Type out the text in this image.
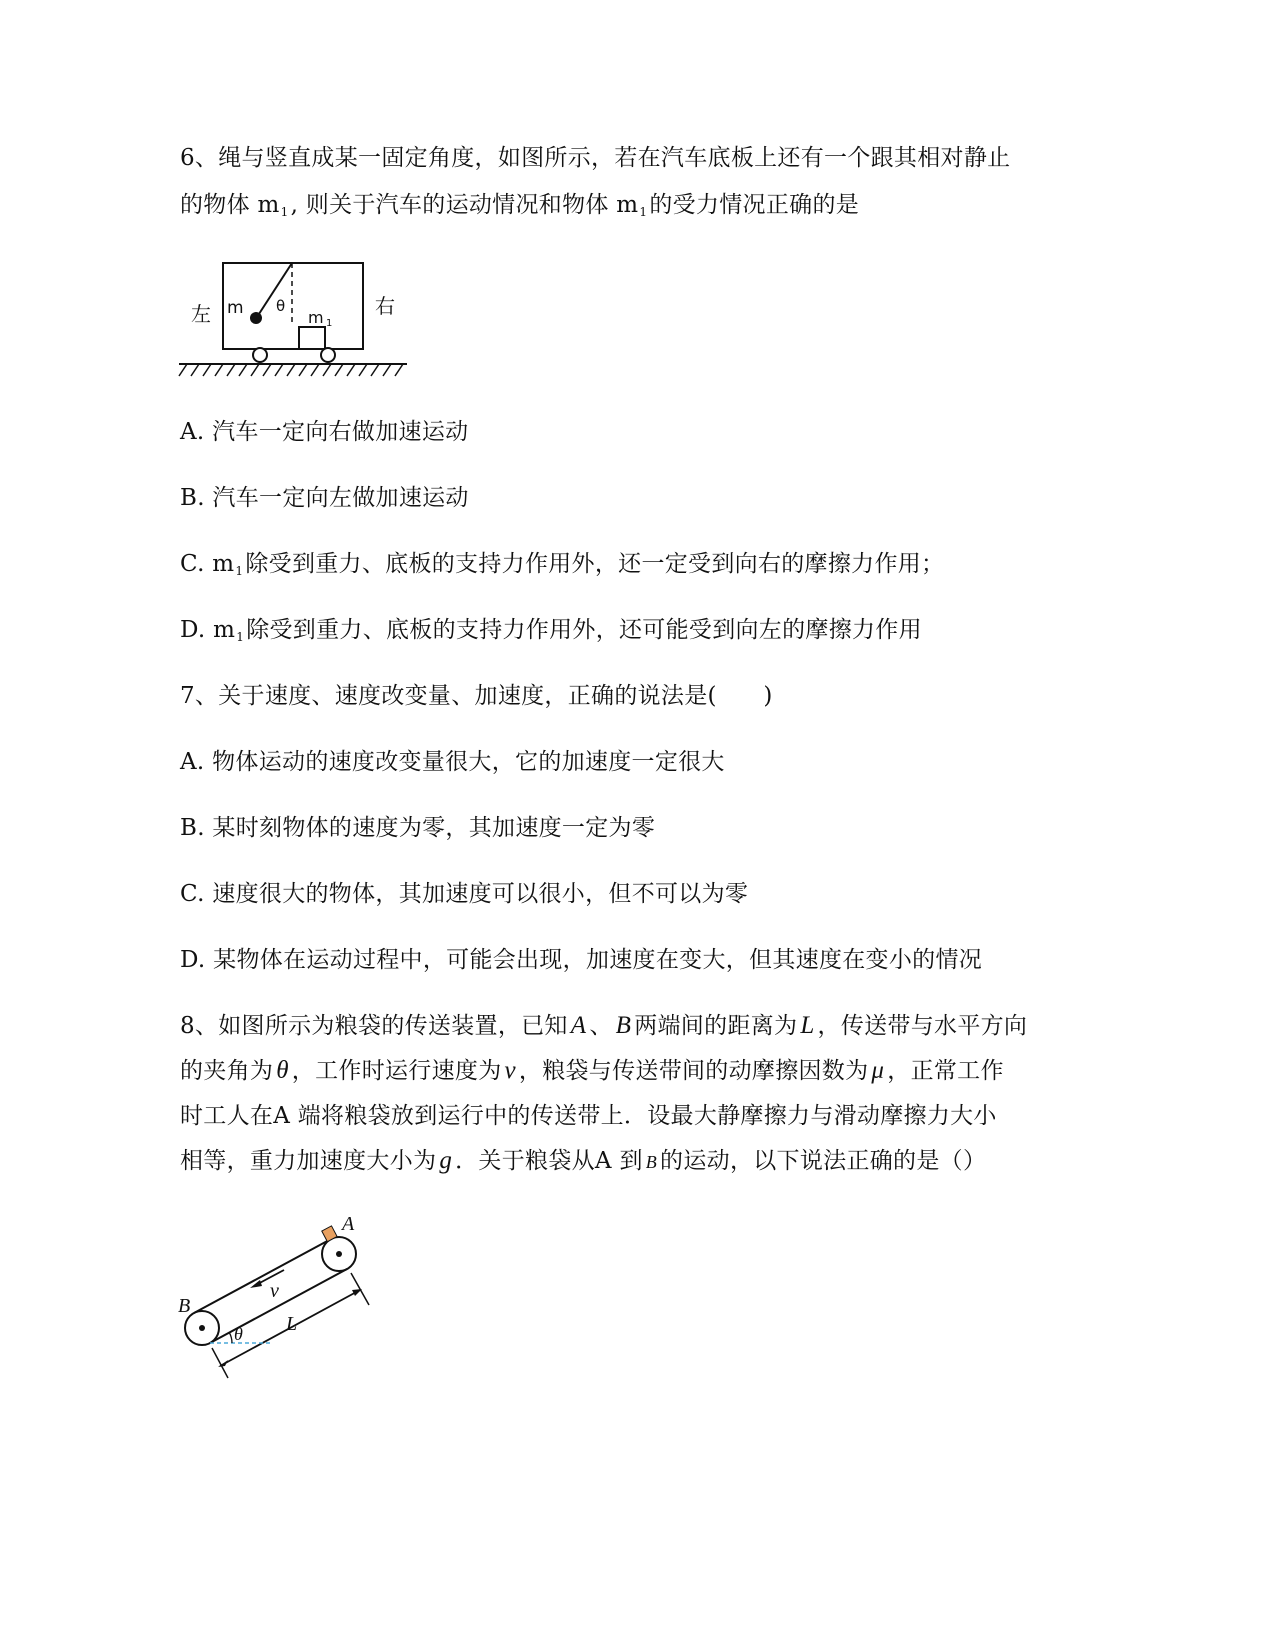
6、绳与竖直成某一固定角度，如图所示，若在汽车底板上还有一个跟其相对静止
的物体 $m_1$, 则关于汽车的运动情况和物体 $m_1$的受力情况正确的是
左	右
m θ
m 1
A. 汽车一定向右做加速运动
B. 汽车一定向左做加速运动
C. $m_1$除受到重力、底板的支持力作用外，还一定受到向右的摩擦力作用；
D. $m_1$除受到重力、底板的支持力作用外，还可能受到向左的摩擦力作用
7、关于速度、速度改变量、加速度，正确的说法是(　　)
A. 物体运动的速度改变量很大，它的加速度一定很大
B. 某时刻物体的速度为零，其加速度一定为零
C. 速度很大的物体，其加速度可以很小，但不可以为零
D. 某物体在运动过程中，可能会出现，加速度在变大，但其速度在变小的情况
8、如图所示为粮袋的传送装置，已知 A 、 B 两端间的距离为 L ，传送带与水平方向
的夹角为 θ ，工作时运行速度为 v ，粮袋与传送带间的动摩擦因数为 μ ，正常工作
时工人在A 端将粮袋放到运行中的传送带上．设最大静摩擦力与滑动摩擦力大小
相等，重力加速度大小为 g ．关于粮袋从A 到 B 的运动，以下说法正确的是（）
A
B
v
L
θ
